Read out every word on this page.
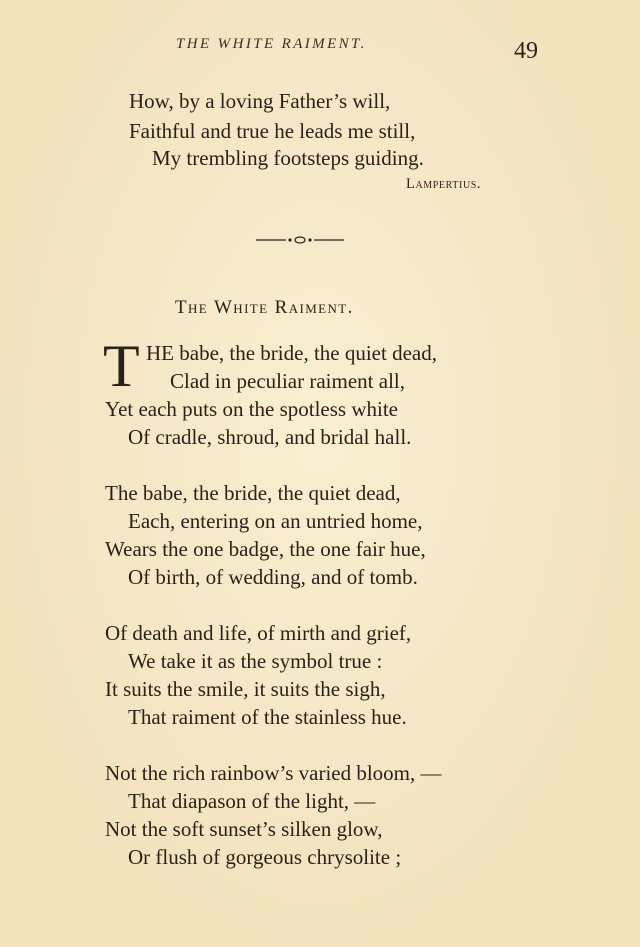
THE WHITE RAIMENT.	49
How, by a loving Father’s will,
Faithful and true he leads me still,
My trembling footsteps guiding.
Lampertius.
The White Raiment.
T HE babe, the bride, the quiet dead,
Clad in peculiar raiment all,
Yet each puts on the spotless white
Of cradle, shroud, and bridal hall.
The babe, the bride, the quiet dead,
Each, entering on an untried home,
Wears the one badge, the one fair hue,
Of birth, of wedding, and of tomb.
Of death and life, of mirth and grief,
We take it as the symbol true :
It suits the smile, it suits the sigh,
That raiment of the stainless hue.
Not the rich rainbow’s varied bloom, —
That diapason of the light, —
Not the soft sunset’s silken glow,
Or flush of gorgeous chrysolite ;
